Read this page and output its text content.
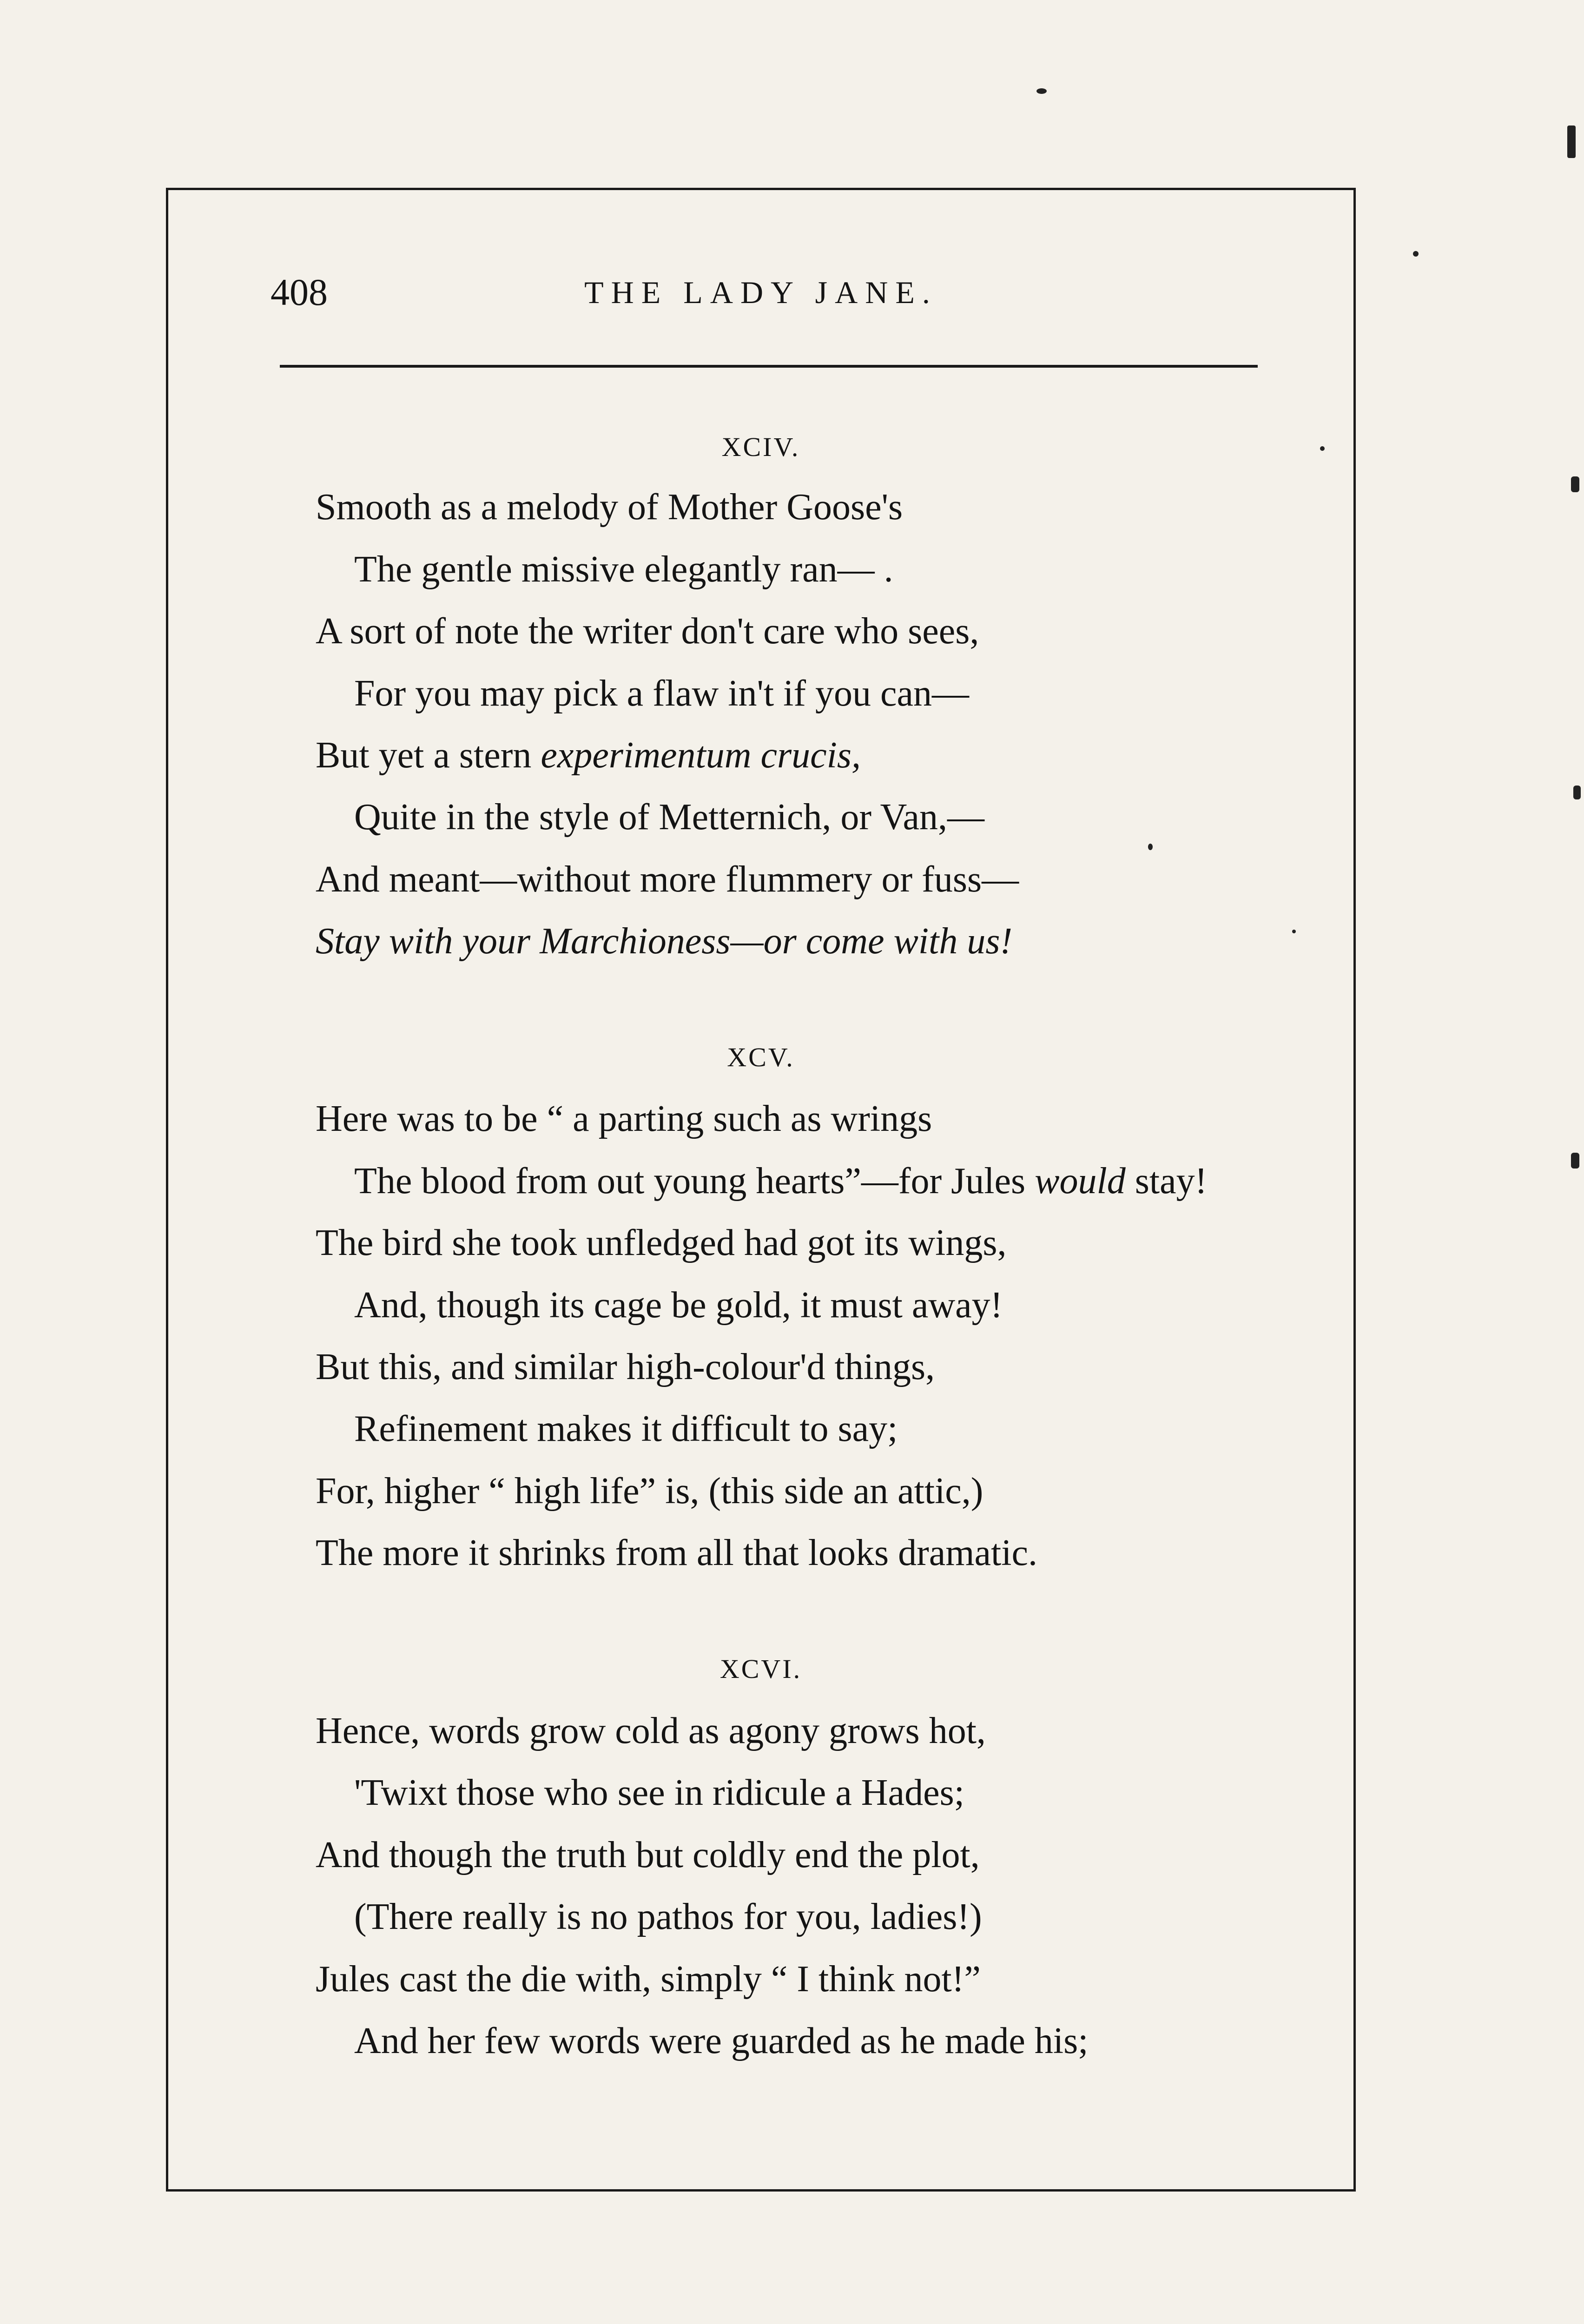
408	THE LADY JANE.
XCIV.
Smooth as a melody of Mother Goose's
The gentle missive elegantly ran— .
A sort of note the writer don't care who sees,
For you may pick a flaw in't if you can—
But yet a stern experimentum crucis,
Quite in the style of Metternich, or Van,—
And meant—without more flummery or fuss—
Stay with your Marchioness—or come with us!
XCV.
Here was to be “ a parting such as wrings
The blood from out young hearts”—for Jules would stay!
The bird she took unfledged had got its wings,
And, though its cage be gold, it must away!
But this, and similar high-colour'd things,
Refinement makes it difficult to say;
For, higher “ high life” is, (this side an attic,)
The more it shrinks from all that looks dramatic.
XCVI.
Hence, words grow cold as agony grows hot,
'Twixt those who see in ridicule a Hades;
And though the truth but coldly end the plot,
(There really is no pathos for you, ladies!)
Jules cast the die with, simply “ I think not!”
And her few words were guarded as he made his;
